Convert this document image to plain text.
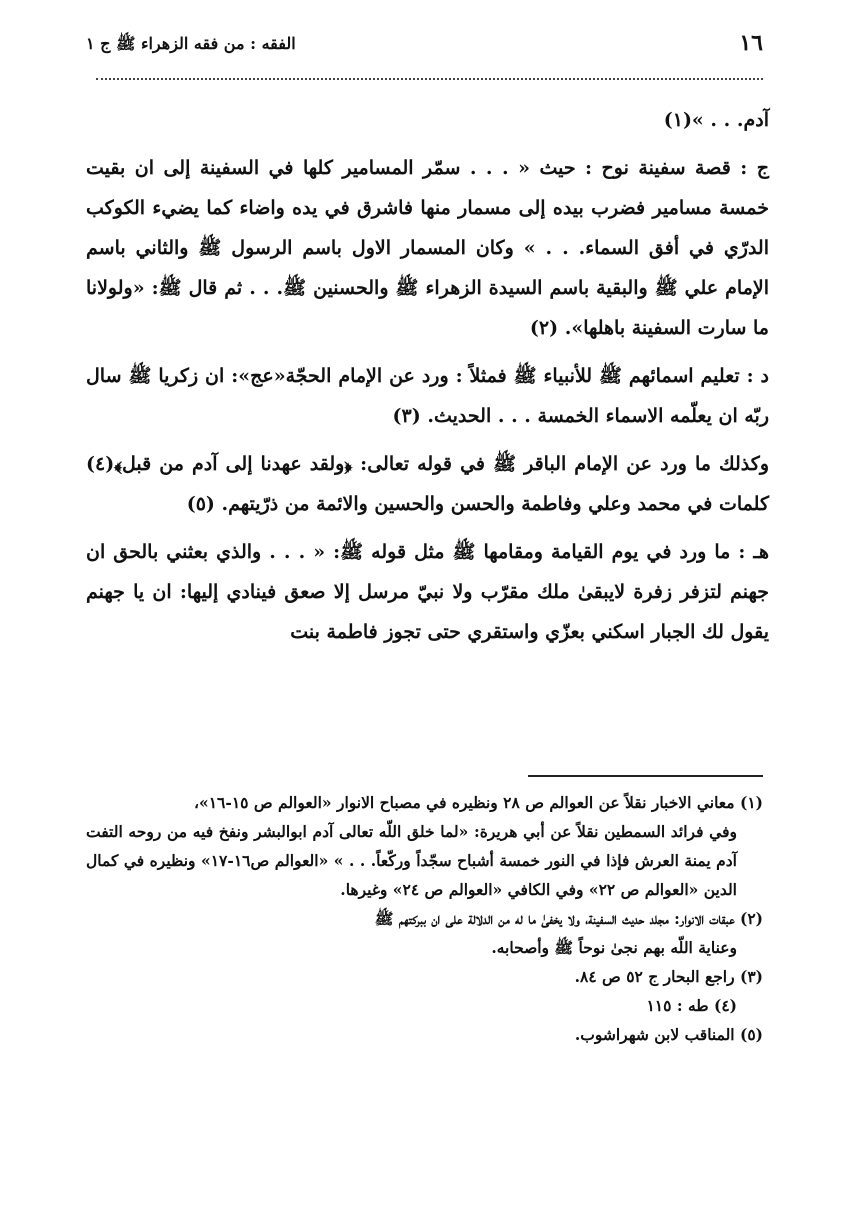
١٦
الفقه : من فقه الزهراء ﷺ ج ١

آدم. . . »(١)

ج : قصة سفينة نوح : حيث « . . . سمّر المسامير كلها في السفينة إلى ان بقيت خمسة مسامير فضرب بيده إلى مسمار منها فاشرق في يده واضاء كما يضيء الكوكب الدرّي في أفق السماء. . . » وكان المسمار الاول باسم الرسول ﷺ والثاني باسم الإمام علي ﷺ والبقية باسم السيدة الزهراء ﷺ والحسنين ﷺ. . . ثم قال ﷺ: «ولولانا ما سارت السفينة باهلها». (٢)

د : تعليم اسمائهم ﷺ للأنبياء ﷺ فمثلاً : ورد عن الإمام الحجّة«عج»: ان زكريا ﷺ سال ربّه ان يعلّمه الاسماء الخمسة . . . الحديث. (٣)

وكذلك ما ورد عن الإمام الباقر ﷺ في قوله تعالى: ﴿ولقد عهدنا إلى آدم من قبل﴾(٤) كلمات في محمد وعلي وفاطمة والحسن والحسين والائمة من ذرّيتهم. (٥)

هـ : ما ورد في يوم القيامة ومقامها ﷺ مثل قوله ﷺ: « . . . والذي بعثني بالحق ان جهنم لتزفر زفرة لايبقىٰ ملك مقرّب ولا نبيّ مرسل إلا صعق فينادي إليها: ان يا جهنم يقول لك الجبار اسكني بعزّي واستقري حتى تجوز فاطمة بنت

(١) معاني الاخبار نقلاً عن العوالم ص ٢٨ ونظيره في مصباح الانوار «العوالم ص ١٥-١٦»،

وفي فرائد السمطين نقلاً عن أبي هريرة: «لما خلق اللّه تعالى آدم ابوالبشر ونفخ فيه من روحه التفت آدم يمنة العرش فإذا في النور خمسة أشباح سجّداً وركّعاً. . . » «العوالم ص١٦-١٧» ونظيره في كمال الدين «العوالم ص ٢٢» وفي الكافي «العوالم ص ٢٤» وغيرها.

(٢) عبقات الانوار: مجلد حديث السفينة، ولا يخفىٰ ما له من الدلالة على ان ببركتهم ﷺ

وعناية اللّه بهم نجىٰ نوحاً ﷺ وأصحابه.

(٣) راجع البحار ج ٥٢ ص ٨٤.

(٤) طه : ١١٥

(٥) المناقب لابن شهراشوب.
